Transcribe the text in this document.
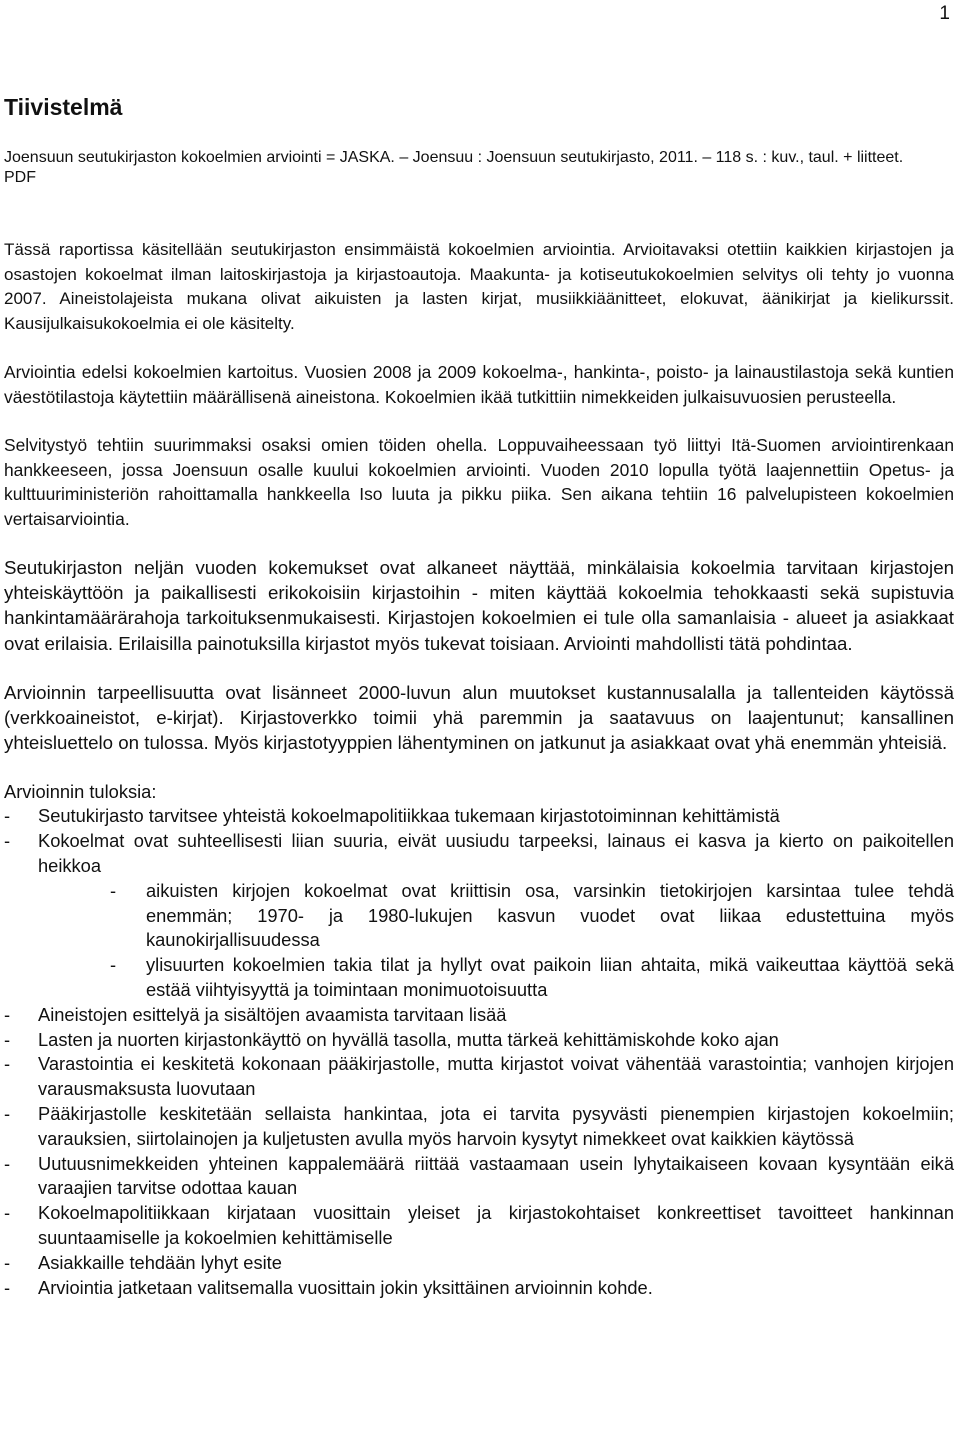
1
Tiivistelmä

Joensuun seutukirjaston kokoelmien arviointi = JASKA. – Joensuu : Joensuun seutukirjasto, 2011. – 118 s. : kuv., taul. + liitteet.

PDF

Tässä raportissa käsitellään seutukirjaston ensimmäistä kokoelmien arviointia. Arvioitavaksi otettiin kaikkien kirjastojen ja osastojen kokoelmat ilman laitoskirjastoja ja kirjastoautoja. Maakunta- ja kotiseutukokoelmien selvitys oli tehty jo vuonna 2007. Aineistolajeista mukana olivat aikuisten ja lasten kirjat, musiikkiäänitteet, elokuvat, äänikirjat ja kielikurssit. Kausijulkaisukokoelmia ei ole käsitelty.

Arviointia edelsi kokoelmien kartoitus. Vuosien 2008 ja 2009 kokoelma-, hankinta-, poisto- ja lainaustilastoja sekä kuntien väestötilastoja käytettiin määrällisenä aineistona. Kokoelmien ikää tutkittiin nimekkeiden julkaisuvuosien perusteella.

Selvitystyö tehtiin suurimmaksi osaksi omien töiden ohella. Loppuvaiheessaan työ liittyi Itä-Suomen arviointirenkaan hankkeeseen, jossa Joensuun osalle kuului kokoelmien arviointi. Vuoden 2010 lopulla työtä laajennettiin Opetus- ja kulttuuriministeriön rahoittamalla hankkeella Iso luuta ja pikku piika. Sen aikana tehtiin 16 palvelupisteen kokoelmien vertaisarviointia.

Seutukirjaston neljän vuoden kokemukset ovat alkaneet näyttää, minkälaisia kokoelmia tarvitaan kirjastojen yhteiskäyttöön ja paikallisesti erikokoisiin kirjastoihin - miten käyttää kokoelmia tehokkaasti sekä supistuvia hankintamäärärahoja tarkoituksenmukaisesti. Kirjastojen kokoelmien ei tule olla samanlaisia - alueet ja asiakkaat ovat erilaisia. Erilaisilla painotuksilla kirjastot myös tukevat toisiaan. Arviointi mahdollisti tätä pohdintaa.

Arvioinnin tarpeellisuutta ovat lisänneet 2000-luvun alun muutokset kustannusalalla ja tallenteiden käytössä (verkkoaineistot, e-kirjat). Kirjastoverkko toimii yhä paremmin ja saatavuus on laajentunut; kansallinen yhteisluettelo on tulossa. Myös kirjastotyyppien lähentyminen on jatkunut ja asiakkaat ovat yhä enemmän yhteisiä.

Arvioinnin tuloksia:
- Seutukirjasto tarvitsee yhteistä kokoelmapolitiikkaa tukemaan kirjastotoiminnan kehittämistä
- Kokoelmat ovat suhteellisesti liian suuria, eivät uusiudu tarpeeksi, lainaus ei kasva ja kierto on paikoitellen heikkoa
- aikuisten kirjojen kokoelmat ovat kriittisin osa, varsinkin tietokirjojen karsintaa tulee tehdä enemmän; 1970- ja 1980-lukujen kasvun vuodet ovat liikaa edustettuina myös kaunokirjallisuudessa
- ylisuurten kokoelmien takia tilat ja hyllyt ovat paikoin liian ahtaita, mikä vaikeuttaa käyttöä sekä estää viihtyisyyttä ja toimintaan monimuotoisuutta
- Aineistojen esittelyä ja sisältöjen avaamista tarvitaan lisää
- Lasten ja nuorten kirjastonkäyttö on hyvällä tasolla, mutta tärkeä kehittämiskohde koko ajan
- Varastointia ei keskitetä kokonaan pääkirjastolle, mutta kirjastot voivat vähentää varastointia; vanhojen kirjojen varausmaksusta luovutaan
- Pääkirjastolle keskitetään sellaista hankintaa, jota ei tarvita pysyvästi pienempien kirjastojen kokoelmiin; varauksien, siirtolainojen ja kuljetusten avulla myös harvoin kysytyt nimekkeet ovat kaikkien käytössä
- Uutuusnimekkeiden yhteinen kappalemäärä riittää vastaamaan usein lyhytaikaiseen kovaan kysyntään eikä varaajien tarvitse odottaa kauan
- Kokoelmapolitiikkaan kirjataan vuosittain yleiset ja kirjastokohtaiset konkreettiset tavoitteet hankinnan suuntaamiselle ja kokoelmien kehittämiselle
- Asiakkaille tehdään lyhyt esite
- Arviointia jatketaan valitsemalla vuosittain jokin yksittäinen arvioinnin kohde.
